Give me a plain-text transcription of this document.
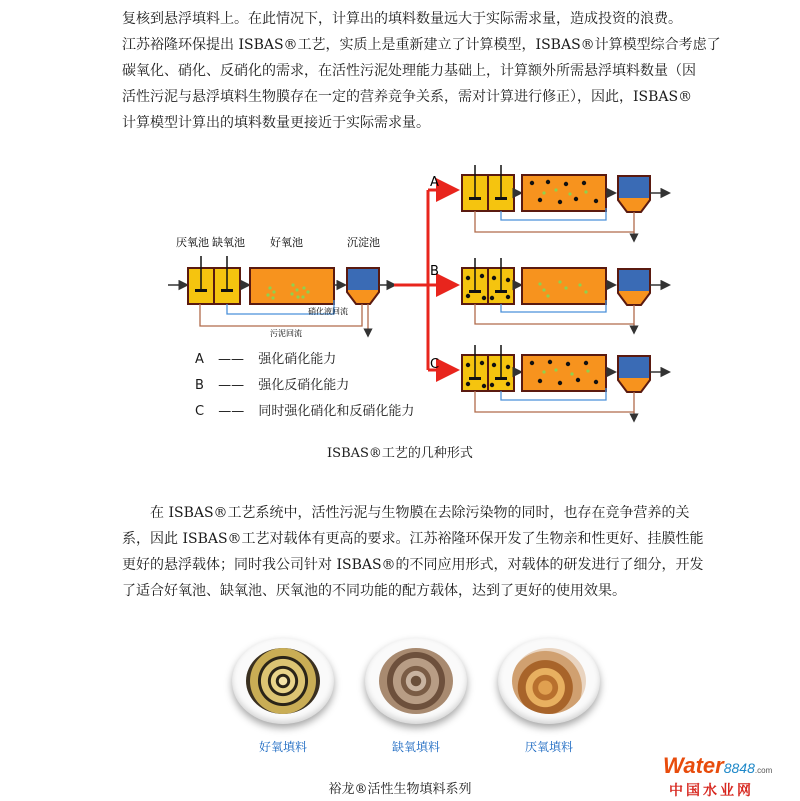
复核到悬浮填料上。在此情况下，计算出的填料数量远大于实际需求量，造成投资的浪费。
江苏裕隆环保提出 ISBAS®工艺，实质上是重新建立了计算模型，ISBAS®计算模型综合考虑了
碳氧化、硝化、反硝化的需求，在活性污泥处理能力基础上，计算额外所需悬浮填料数量（因
活性污泥与悬浮填料生物膜存在一定的营养竞争关系，需对计算进行修正），因此，ISBAS®
计算模型计算出的填料数量更接近于实际需求量。
厌氧池 缺氧池 好氧池	沉淀池
硝化液回流
污泥回流
A
B
C
A —— 强化硝化能力
B —— 强化反硝化能力
C —— 同时强化硝化和反硝化能力
ISBAS®工艺的几种形式
在 ISBAS®工艺系统中，活性污泥与生物膜在去除污染物的同时，也存在竞争营养的关
系，因此 ISBAS®工艺对载体有更高的要求。江苏裕隆环保开发了生物亲和性更好、挂膜性能
更好的悬浮载体；同时我公司针对 ISBAS®的不同应用形式，对载体的研发进行了细分，开发
了适合好氧池、缺氧池、厌氧池的不同功能的配方载体，达到了更好的使用效果。
好氧填料	缺氧填料	厌氧填料
裕龙®活性生物填料系列
Water8848.com
中国水业网
